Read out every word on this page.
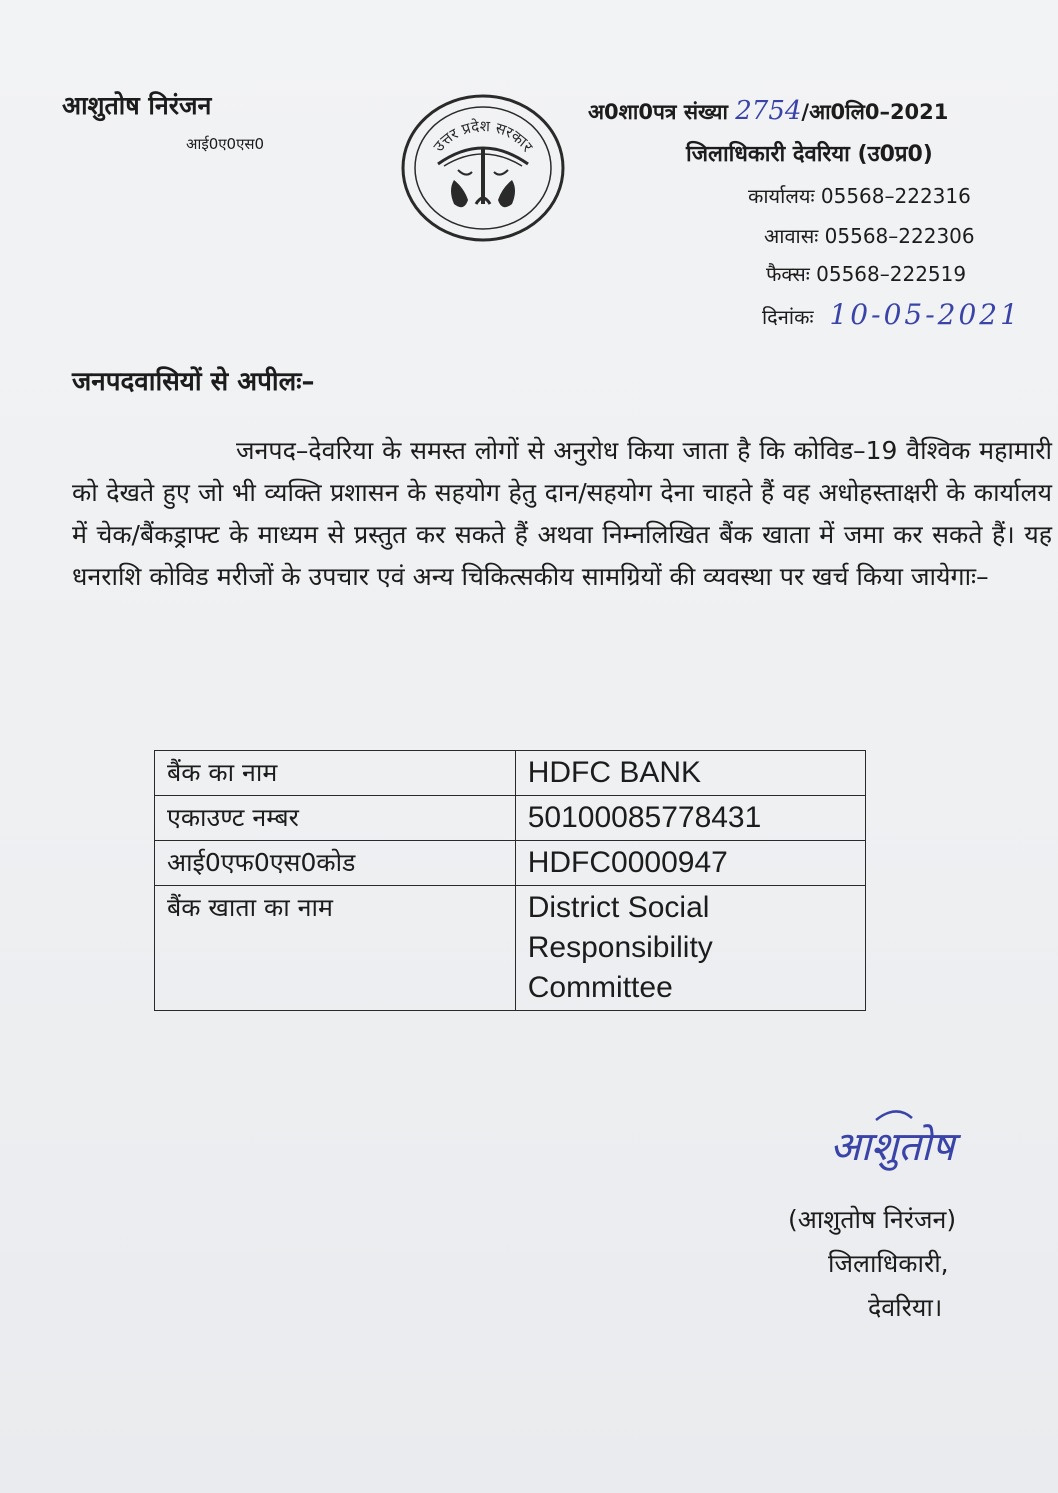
आशुतोष निरंजन
आई0ए0एस0	उत्तर प्रदेश सरकार
अ0शा0पत्र संख्या 2754/आ0लि0–2021
जिलाधिकारी देवरिया (उ0प्र0)
कार्यालयः 05568–222316
आवासः 05568–222306
फैक्सः 05568–222519
दिनांकः 10-05-2021
जनपदवासियों से अपीलः–
जनपद–देवरिया के समस्त लोगों से अनुरोध किया जाता है कि कोविड–19 वैश्विक महामारी को देखते हुए जो भी व्यक्ति प्रशासन के सहयोग हेतु दान/सहयोग देना चाहते हैं वह अधोहस्ताक्षरी के कार्यालय में चेक/बैंकड्राफ्ट के माध्यम से प्रस्तुत कर सकते हैं अथवा निम्नलिखित बैंक खाता में जमा कर सकते हैं। यह धनराशि कोविड मरीजों के उपचार एवं अन्य चिकित्सकीय सामग्रियों की व्यवस्था पर खर्च किया जायेगाः–
बैंक का नाम	HDFC BANK
एकाउण्ट नम्बर	50100085778431
आई0एफ0एस0कोड	HDFC0000947
बैंक खाता का नाम	District Social Responsibility Committee
आशुतोष
(आशुतोष निरंजन)
जिलाधिकारी,
देवरिया।
